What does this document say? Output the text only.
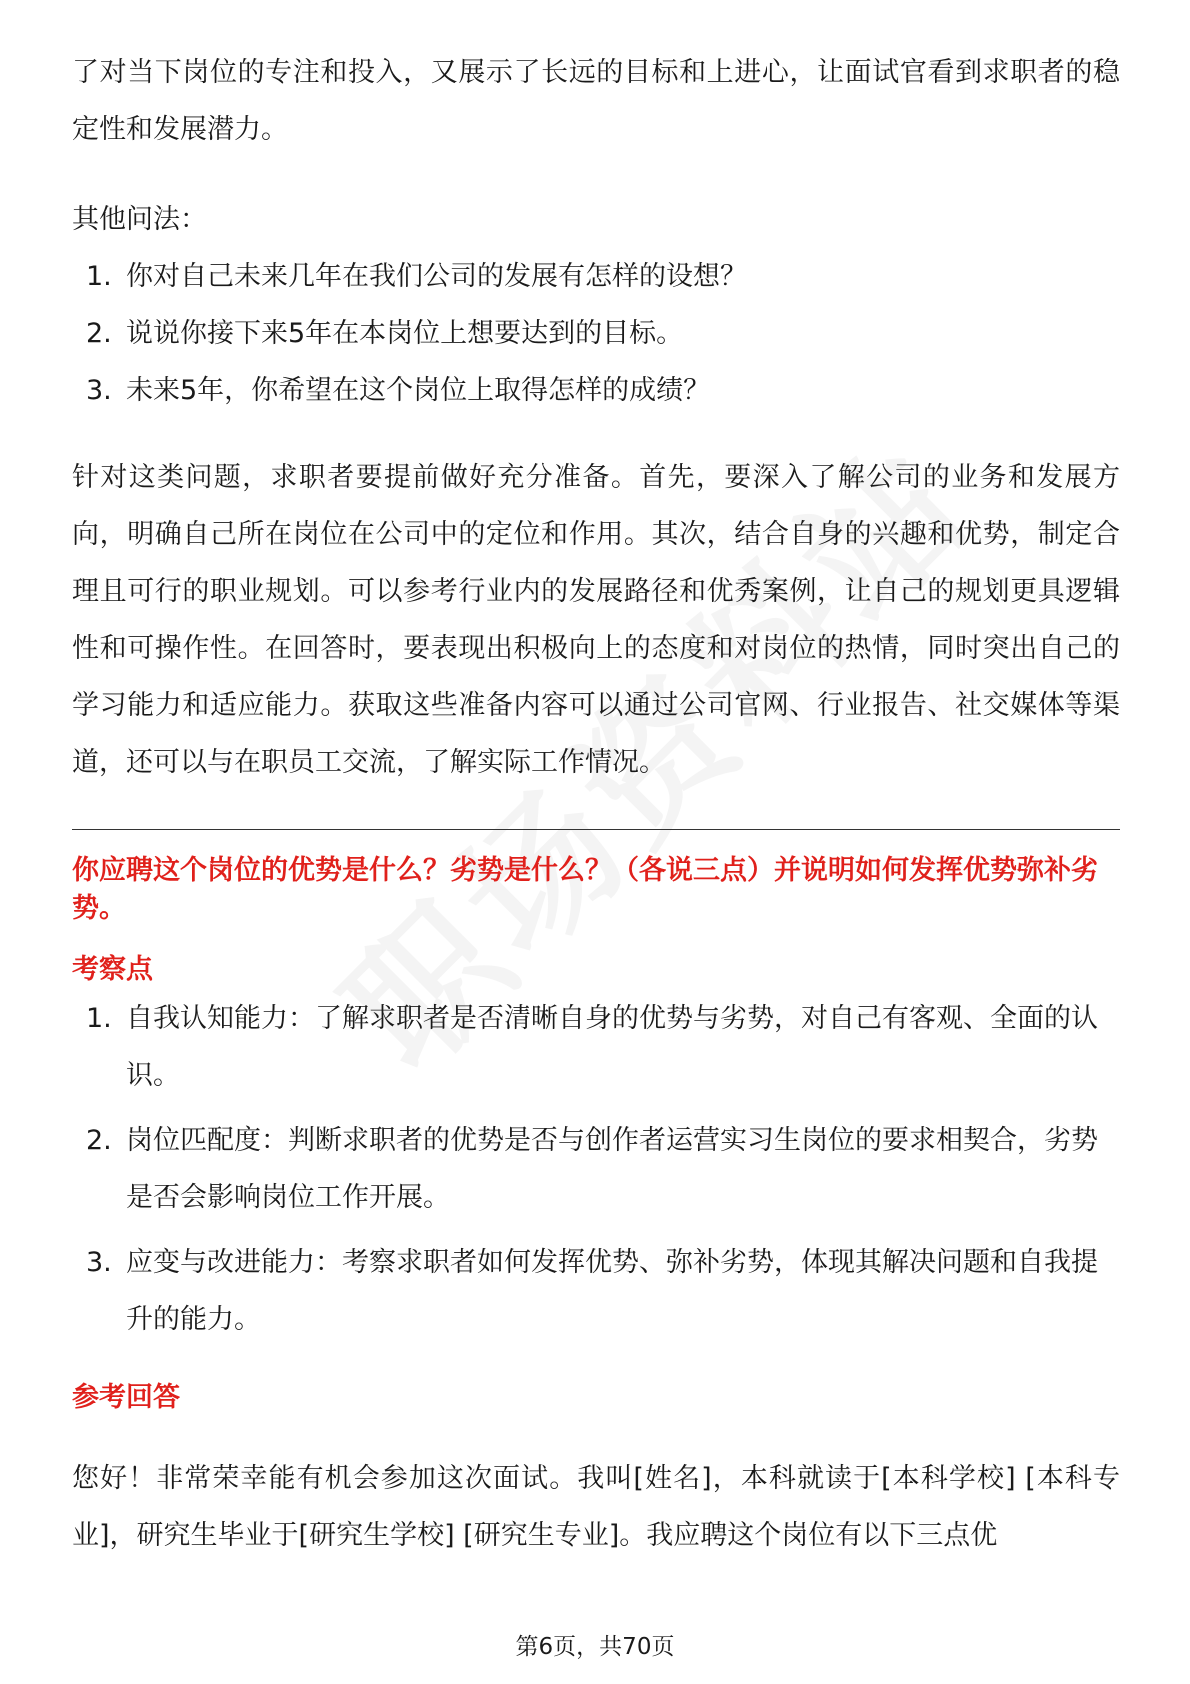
了对当下岗位的专注和投入，又展示了长远的目标和上进心，让面试官看到求职者的稳定性和发展潜力。

其他问法：
1. 你对自己未来几年在我们公司的发展有怎样的设想？
2. 说说你接下来5年在本岗位上想要达到的目标。
3. 未来5年，你希望在这个岗位上取得怎样的成绩？

针对这类问题，求职者要提前做好充分准备。首先，要深入了解公司的业务和发展方向，明确自己所在岗位在公司中的定位和作用。其次，结合自身的兴趣和优势，制定合理且可行的职业规划。可以参考行业内的发展路径和优秀案例，让自己的规划更具逻辑性和可操作性。在回答时，要表现出积极向上的态度和对岗位的热情，同时突出自己的学习能力和适应能力。获取这些准备内容可以通过公司官网、行业报告、社交媒体等渠道，还可以与在职员工交流，了解实际工作情况。

你应聘这个岗位的优势是什么？劣势是什么？（各说三点）并说明如何发挥优势弥补劣势。
考察点
1. 自我认知能力：了解求职者是否清晰自身的优势与劣势，对自己有客观、全面的认识。
2. 岗位匹配度：判断求职者的优势是否与创作者运营实习生岗位的要求相契合，劣势是否会影响岗位工作开展。
3. 应变与改进能力：考察求职者如何发挥优势、弥补劣势，体现其解决问题和自我提升的能力。
参考回答

您好！非常荣幸能有机会参加这次面试。我叫[姓名]，本科就读于[本科学校] [本科专业]，研究生毕业于[研究生学校] [研究生专业]。我应聘这个岗位有以下三点优

第6页，共70页
